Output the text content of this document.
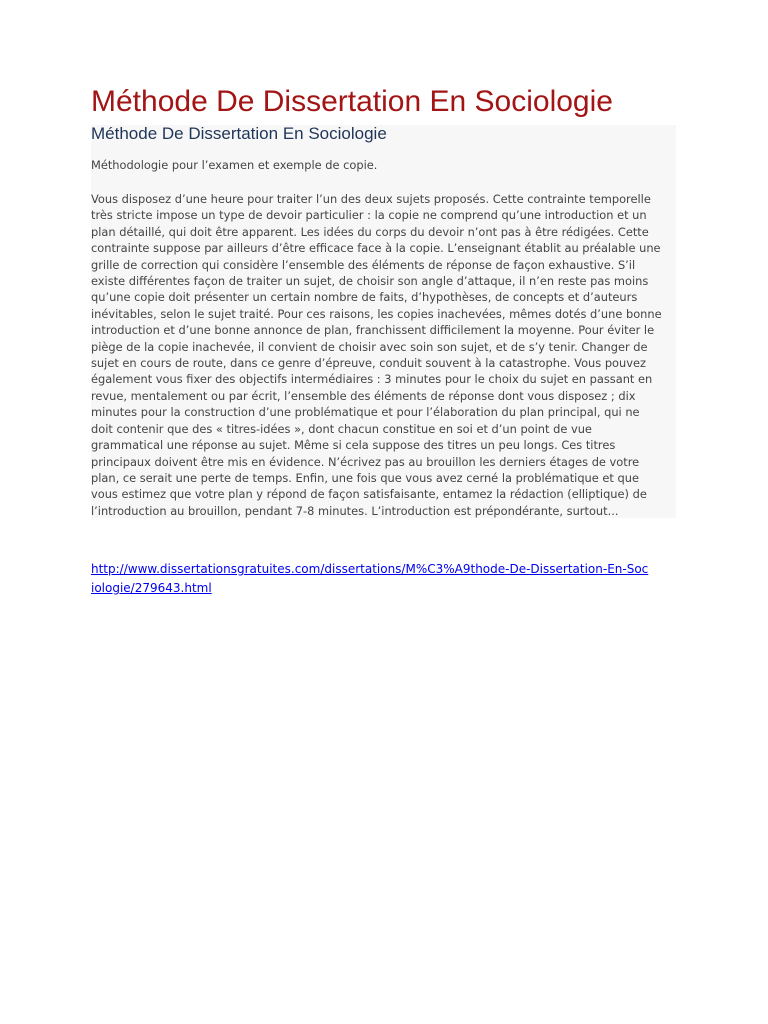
Méthode De Dissertation En Sociologie
Méthode De Dissertation En Sociologie

Méthodologie pour l’examen et exemple de copie.

Vous disposez d’une heure pour traiter l’un des deux sujets proposés. Cette contrainte temporelle
très stricte impose un type de devoir particulier : la copie ne comprend qu’une introduction et un
plan détaillé, qui doit être apparent. Les idées du corps du devoir n’ont pas à être rédigées. Cette
contrainte suppose par ailleurs d’être efficace face à la copie. L’enseignant établit au préalable une
grille de correction qui considère l’ensemble des éléments de réponse de façon exhaustive. S’il
existe différentes façon de traiter un sujet, de choisir son angle d’attaque, il n’en reste pas moins
qu’une copie doit présenter un certain nombre de faits, d’hypothèses, de concepts et d’auteurs
inévitables, selon le sujet traité. Pour ces raisons, les copies inachevées, mêmes dotés d’une bonne
introduction et d’une bonne annonce de plan, franchissent difficilement la moyenne. Pour éviter le
piège de la copie inachevée, il convient de choisir avec soin son sujet, et de s’y tenir. Changer de
sujet en cours de route, dans ce genre d’épreuve, conduit souvent à la catastrophe. Vous pouvez
également vous fixer des objectifs intermédiaires : 3 minutes pour le choix du sujet en passant en
revue, mentalement ou par écrit, l’ensemble des éléments de réponse dont vous disposez ; dix
minutes pour la construction d’une problématique et pour l’élaboration du plan principal, qui ne
doit contenir que des « titres-idées », dont chacun constitue en soi et d’un point de vue
grammatical une réponse au sujet. Même si cela suppose des titres un peu longs. Ces titres
principaux doivent être mis en évidence. N’écrivez pas au brouillon les derniers étages de votre
plan, ce serait une perte de temps. Enfin, une fois que vous avez cerné la problématique et que
vous estimez que votre plan y répond de façon satisfaisante, entamez la rédaction (elliptique) de
l’introduction au brouillon, pendant 7-8 minutes. L’introduction est prépondérante, surtout...

http://www.dissertationsgratuites.com/dissertations/M%C3%A9thode-De-Dissertation-En-Sociologie/279643.html
